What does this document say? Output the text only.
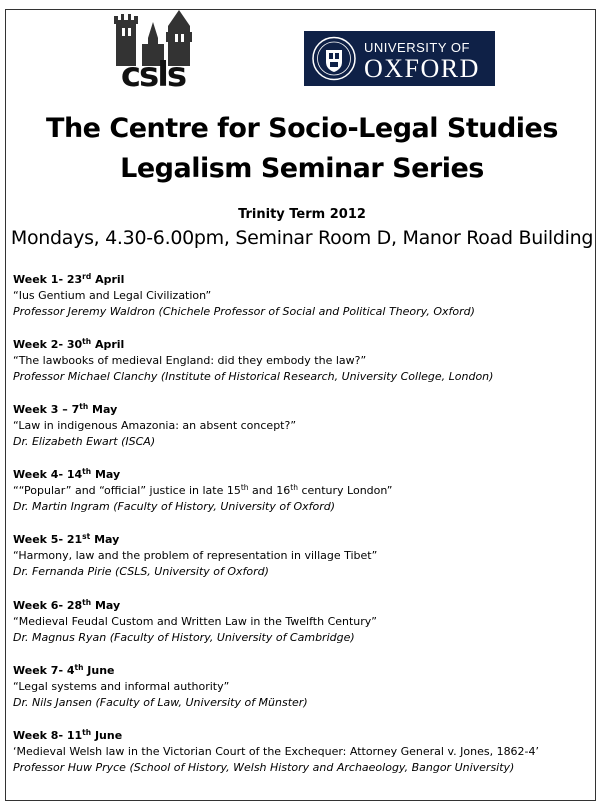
csls
UNIVERSITY OF
OXFORD
The Centre for Socio-Legal Studies
Legalism Seminar Series
Trinity Term 2012
Mondays, 4.30-6.00pm, Seminar Room D, Manor Road Building
Week 1- 23rd April
“Ius Gentium and Legal Civilization”
Professor Jeremy Waldron (Chichele Professor of Social and Political Theory, Oxford)
Week 2- 30th April
“The lawbooks of medieval England: did they embody the law?”
Professor Michael Clanchy (Institute of Historical Research, University College, London)
Week 3 – 7th May
“Law in indigenous Amazonia: an absent concept?”
Dr. Elizabeth Ewart (ISCA)
Week 4- 14th May
““Popular” and “official” justice in late 15th and 16th century London”
Dr. Martin Ingram (Faculty of History, University of Oxford)
Week 5- 21st May
“Harmony, law and the problem of representation in village Tibet”
Dr. Fernanda Pirie (CSLS, University of Oxford)
Week 6- 28th May
“Medieval Feudal Custom and Written Law in the Twelfth Century”
Dr. Magnus Ryan (Faculty of History, University of Cambridge)
Week 7- 4th June
“Legal systems and informal authority”
Dr. Nils Jansen (Faculty of Law, University of Münster)
Week 8- 11th June
‘Medieval Welsh law in the Victorian Court of the Exchequer: Attorney General v. Jones, 1862-4’
Professor Huw Pryce (School of History, Welsh History and Archaeology, Bangor University)
